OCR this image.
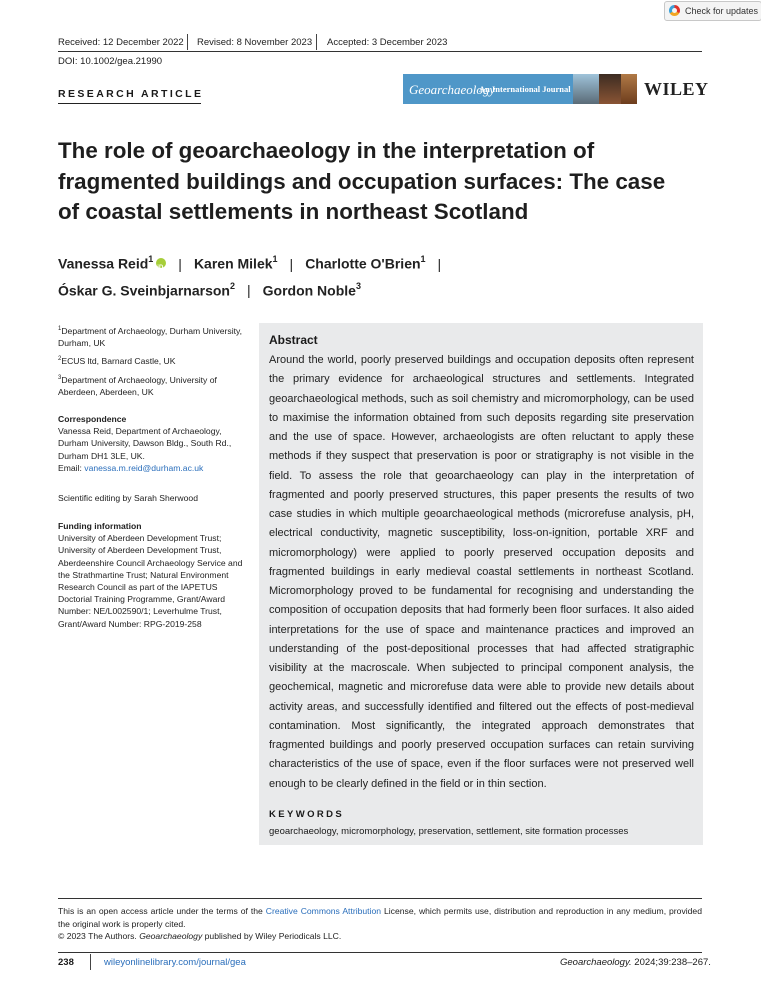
Check for updates
Received: 12 December 2022 Revised: 8 November 2023 Accepted: 3 December 2023
DOI: 10.1002/gea.21990
RESEARCH ARTICLE	Geoarchaeology
An International Journal	WILEY
The role of geoarchaeology in the interpretation of fragmented buildings and occupation surfaces: The case of coastal settlements in northeast Scotland
Vanessa Reid$^1$iD | Karen Milek$^1$ | Charlotte O'Brien$^1$ |
Óskar G. Sveinbjarnarson$^2$ | Gordon Noble$^3$
$^1$Department of Archaeology, Durham University, Durham, UK
$^2$ECUS ltd, Barnard Castle, UK
$^3$Department of Archaeology, University of Aberdeen, Aberdeen, UK
Correspondence
Vanessa Reid, Department of Archaeology, Durham University, Dawson Bldg., South Rd., Durham DH1 3LE, UK.
Email: vanessa.m.reid@durham.ac.uk
Scientific editing by Sarah Sherwood
Funding information
University of Aberdeen Development Trust; University of Aberdeen Development Trust, Aberdeenshire Council Archaeology Service and the Strathmartine Trust; Natural Environment Research Council as part of the IAPETUS Doctorial Training Programme, Grant/Award Number: NE/L002590/1; Leverhulme Trust, Grant/Award Number: RPG-2019-258
Abstract
Around the world, poorly preserved buildings and occupation deposits often represent the primary evidence for archaeological structures and settlements. Integrated geoarchaeological methods, such as soil chemistry and micromorphology, can be used to maximise the information obtained from such deposits regarding site preservation and the use of space. However, archaeologists are often reluctant to apply these methods if they suspect that preservation is poor or stratigraphy is not visible in the field. To assess the role that geoarchaeology can play in the interpretation of fragmented and poorly preserved structures, this paper presents the results of two case studies in which multiple geoarchaeological methods (microrefuse analysis, pH, electrical conductivity, magnetic susceptibility, loss-on-ignition, portable XRF and micromorphology) were applied to poorly preserved occupation deposits and fragmented buildings in early medieval coastal settlements in northeast Scotland. Micromorphology proved to be fundamental for recognising and understanding the composition of occupation deposits that had formerly been floor surfaces. It also aided interpretations for the use of space and maintenance practices and improved an understanding of the post-depositional processes that had affected stratigraphic visibility at the macroscale. When subjected to principal component analysis, the geochemical, magnetic and microrefuse data were able to provide new details about activity areas, and successfully identified and filtered out the effects of post-medieval contamination. Most significantly, the integrated approach demonstrates that fragmented buildings and poorly preserved occupation surfaces can retain surviving characteristics of the use of space, even if the floor surfaces were not preserved well enough to be clearly defined in the field or in thin section.
KEYWORDS
geoarchaeology, micromorphology, preservation, settlement, site formation processes
This is an open access article under the terms of the Creative Commons Attribution License, which permits use, distribution and reproduction in any medium, provided the original work is properly cited.
© 2023 The Authors. Geoarchaeology published by Wiley Periodicals LLC.
238	wileyonlinelibrary.com/journal/gea	Geoarchaeology. 2024;39:238–267.
